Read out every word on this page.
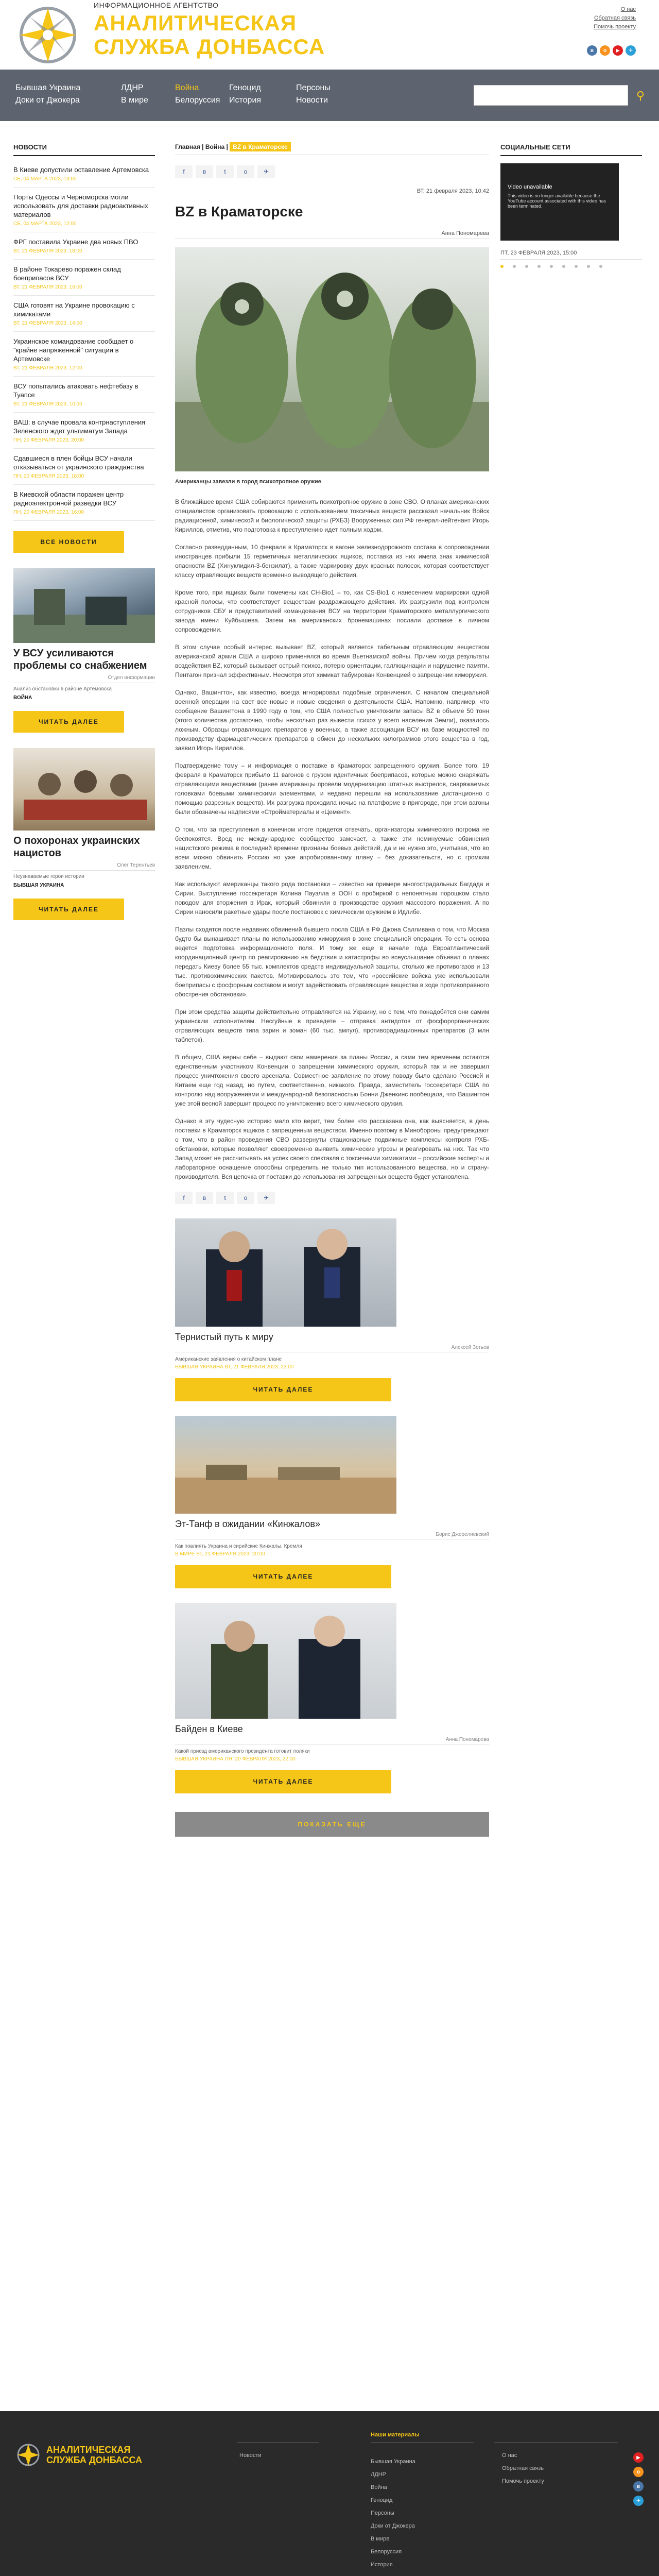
ИНФОРМАЦИОННОЕ АГЕНТСТВО
АНАЛИТИЧЕСКАЯ
СЛУЖБА ДОНБАССА
О нас
Обратная связь
Помочь проекту
в	о	▶	✈
Бывшая Украина
Доки от Джокера
ЛДНР
В мире
Война
Белоруссия
Геноцид
История
Персоны
Новости	⚲
НОВОСТИ
В Киеве допустили оставление Артемовска
СБ, 04 МАРТА 2023, 13:00
Порты Одессы и Черноморска могли использовать для доставки радиоактивных материалов
СБ, 04 МАРТА 2023, 12:00
ФРГ поставила Украине два новых ПВО
ВТ, 21 ФЕВРАЛЯ 2023, 18:00
В районе Токарево поражен склад боеприпасов ВСУ
ВТ, 21 ФЕВРАЛЯ 2023, 16:00
США готовят на Украине провокацию с химикатами
ВТ, 21 ФЕВРАЛЯ 2023, 14:00
Украинское командование сообщает о "крайне напряженной" ситуации в Артемовске
ВТ, 21 ФЕВРАЛЯ 2023, 12:00
ВСУ попытались атаковать нефтебазу в Туапсе
ВТ, 21 ФЕВРАЛЯ 2023, 10:00
ВАШ: в случае провала контрнаступления Зеленского ждет ультиматум Запада
ПН, 20 ФЕВРАЛЯ 2023, 20:00
Сдавшиеся в плен бойцы ВСУ начали отказываться от украинского гражданства
ПН, 20 ФЕВРАЛЯ 2023, 18:00
В Киевской области поражен центр радиоэлектронной разведки ВСУ
ПН, 20 ФЕВРАЛЯ 2023, 16:00
ВСЕ НОВОСТИ
У ВСУ усиливаются проблемы со снабжением
Отдел информации
Анализ обстановки в районе Артемовска
ВОЙНА
ЧИТАТЬ ДАЛЕЕ
О похоронах украинских нацистов
Олег Терентьев
Неузнаваемые герои истории
БЫВШАЯ УКРАИНА
ЧИТАТЬ ДАЛЕЕ
Главная | Война | BZ в Краматорске
f	в	t	о	✈
ВТ, 21 февраля 2023, 10:42
BZ в Краматорске
Анна Пономарева
Американцы завезли в город психотропное оружие

В ближайшее время США собираются применить психотропное оружие в зоне СВО. О планах американских специалистов организовать провокацию с использованием токсичных веществ рассказал начальник Войск радиационной, химической и биологической защиты (РХБЗ) Вооруженных сил РФ генерал-лейтенант Игорь Кириллов, отметив, что подготовка к преступлению идет полным ходом.

Согласно разведданным, 10 февраля в Краматорск в вагоне железнодорожного состава в сопровождении иностранцев прибыли 15 герметичных металлических ящиков, поставка из них имела знак химической опасности BZ (Хинуклидил-3-бензилат), а также маркировку двух красных полосок, которая соответствует классу отравляющих веществ временно выводящего действия.

Кроме того, при ящиках были помечены как CH-Bio1 – то, как CS-Bio1 с нанесением маркировки одной красной полосы, что соответствует веществам раздражающего действия. Их разгрузили под контролем сотрудников СБУ и представителей командования ВСУ на территории Краматорского металлургического завода имени Куйбышева. Затем на американских бронемашинах послали доставке в личном сопровождении.

В этом случае особый интерес вызывает BZ, который является табельным отравляющим веществом американской армии США и широко применялся во время Вьетнамской войны. Причем когда результаты воздействия BZ, который вызывает острый психоз, потерю ориентации, галлюцинации и нарушение памяти. Пентагон признал эффективным. Несмотря этот химикат табуирован Конвенцией о запрещении химоружия.

Однако, Вашингтон, как известно, всегда игнорировал подобные ограничения. С началом специальной военной операции на свет все новые и новые сведения о деятельности США. Напомню, например, что сообщение Вашингтона в 1990 году о том, что США полностью уничтожили запасы BZ в объеме 50 тонн (этого количества достаточно, чтобы несколько раз вывести психоз у всего населения Земли), оказалось ложным. Образцы отравляющих препаратов у военных, а также ассоциации ВСУ на базе мощностей по производству фармацевтических препаратов в обмен до нескольких килограммов этого вещества в год, заявил Игорь Кириллов.

Подтверждение тому – и информация о поставке в Краматорск запрещенного оружия. Более того, 19 февраля в Краматорск прибыло 11 вагонов с грузом идентичных боеприпасов, которые можно снаряжать отравляющими веществами (ранее американцы провели модернизацию штатных выстрелов, снаряжаемых головками боевыми химическими элементами, и недавно перешли на использование дистанционно с помощью разрезных веществ). Их разгрузка проходила ночью на платформе в пригороде, при этом вагоны были обозначены надписями «Стройматериалы и «Цемент».

О том, что за преступления в конечном итоге придется отвечать, организаторы химического погрома не беспокоятся. Вред не международное сообщество замечает, а также эти неминуемые обвинения нацистского режима в последний времени признаны боевых действий, да и не нужно это, учитывая, что во всем можно обвинить Россию но уже апробированному плану – без доказательств, но с громким заявлением.

Как используют американцы такого рода постановки – известно на примере многострадальных Багдада и Сирии. Выступление госсекретаря Колина Пауэлла в ООН с пробиркой с непонятным порошком стало поводом для вторжения в Ирак, который обвинили в производстве оружия массового поражения. А по Сирии наносили ракетные удары после постановок с химическим оружием в Идлибе.

Пазлы сходятся после недавних обвинений бывшего посла США в РФ Джона Салливана о том, что Москва будто бы вынашивает планы по использованию химоружия в зоне специальной операции. То есть основа ведется подготовка информационного поля. И тому же еще в начале года Евроатлантический координационный центр по реагированию на бедствия и катастрофы во всеуслышание объявил о планах передать Киеву более 55 тыс. комплектов средств индивидуальной защиты, столько же противогазов и 13 тыс. противохимических пакетов. Мотивировалось это тем, что «российские войска уже использовали боеприпасы с фосфорным составом и могут задействовать отравляющие вещества в ходе противоправного обострения обстановки».

При этом средства защиты действительно отправляются на Украину, но с тем, что понадобятся они самим украинским исполнителям. Несгуйные в приведете – отправка антидотов от фосфорорганических отравляющих веществ типа зарин и зоман (60 тыс. ампул), противорадиационных препаратов (3 млн таблеток).

В общем, США верны себе – выдают свои намерения за планы России, а сами тем временем остаются единственным участником Конвенции о запрещении химического оружия, который так и не завершил процесс уничтожения своего арсенала. Совместное заявление по этому поводу было сделано Россией и Китаем еще год назад, но путем, соответственно, никакого. Правда, заместитель госсекретаря США по контролю над вооружениями и международной безопасностью Бонни Дженкинс пообещала, что Вашингтон уже этой весной завершит процесс по уничтожению всего химического оружия.

Однако в эту чудесную историю мало кто верит, тем более что рассказана она, как выясняется, в день поставки в Краматорск ящиков с запрещенным веществом. Именно поэтому в Минобороны предупреждают о том, что в район проведения СВО развернуты стационарные подвижные комплексы контроля РХБ-обстановки, которые позволяют своевременно выявить химические угрозы и реагировать на них. Так что Запад может не рассчитывать на успех своего спектакля с токсичными химикатами – российские эксперты и лабораторное оснащение способны определить не только тип использованного вещества, но и страну-производителя. Вся цепочка от поставки до использования запрещенных веществ будет установлена.

f	в	t	о	✈
Тернистый путь к миру
Алексей Зотьев
Американские заявления о китайском плане
БЫВШАЯ УКРАИНА ВТ, 21 ФЕВРАЛЯ 2023, 23:00
ЧИТАТЬ ДАЛЕЕ
Эт-Танф в ожидании «Кинжалов»
Борис Джерелиевский
Как повлиять Украина и сирийские Кинжалы, Кремля
В МИРЕ ВТ, 21 ФЕВРАЛЯ 2023, 20:00
ЧИТАТЬ ДАЛЕЕ
Байден в Киеве
Анна Пономарева
Какой приезд американского президента готовит поляки
БЫВШАЯ УКРАИНА ПН, 20 ФЕВРАЛЯ 2023, 22:00
ЧИТАТЬ ДАЛЕЕ
ПОКАЗАТЬ ЕЩЕ
СОЦИАЛЬНЫЕ СЕТИ
Video unavailable
This video is no longer available because the YouTube account associated with this video has been terminated.
ПТ, 23 ФЕВРАЛЯ 2023, 15:00
АНАЛИТИЧЕСКАЯ
СЛУЖБА ДОНБАССА	Новости
Наши материалы
Бывшая Украина
ЛДНР
Война
Геноцид
Персоны
Доки от Джокера
В мире
Белоруссия
История
О нас
Обратная связь
Помочь проекту
▶
о
в
✈
